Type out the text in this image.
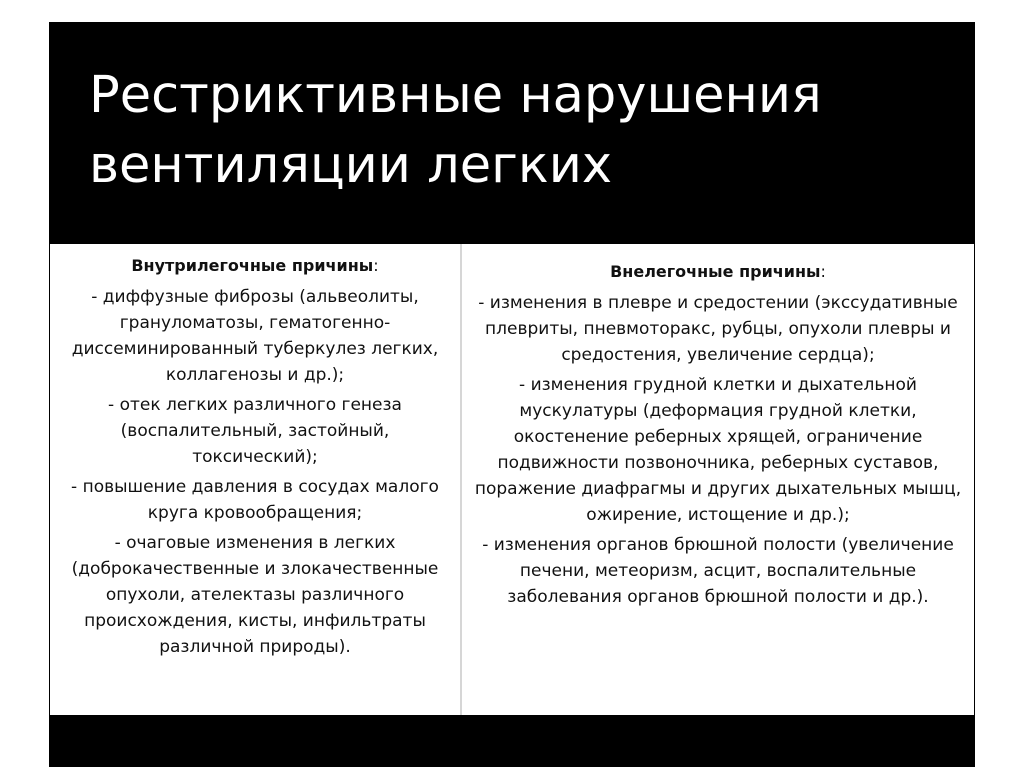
Рестриктивные нарушения
вентиляции легких
Внутрилегочные причины:
- диффузные фиброзы (альвеолиты, грануломатозы, гематогенно-диссеминированный туберкулез легких, коллагенозы и др.);
- отек легких различного генеза (воспалительный, застойный, токсический);
- повышение давления в сосудах малого круга кровообращения;
- очаговые изменения в легких (доброкачественные и злокачественные опухоли, ателектазы различного происхождения, кисты, инфильтраты различной природы).
Внелегочные причины:
- изменения в плевре и средостении (экссудативные плевриты, пневмоторакс, рубцы, опухоли плевры и средостения, увеличение сердца);
- изменения грудной клетки и дыхательной мускулатуры (деформация грудной клетки, окостенение реберных хрящей, ограничение подвижности позвоночника, реберных суставов, поражение диафрагмы и других дыхательных мышц, ожирение, истощение и др.);
- изменения органов брюшной полости (увеличение печени, метеоризм, асцит, воспалительные заболевания органов брюшной полости и др.).
